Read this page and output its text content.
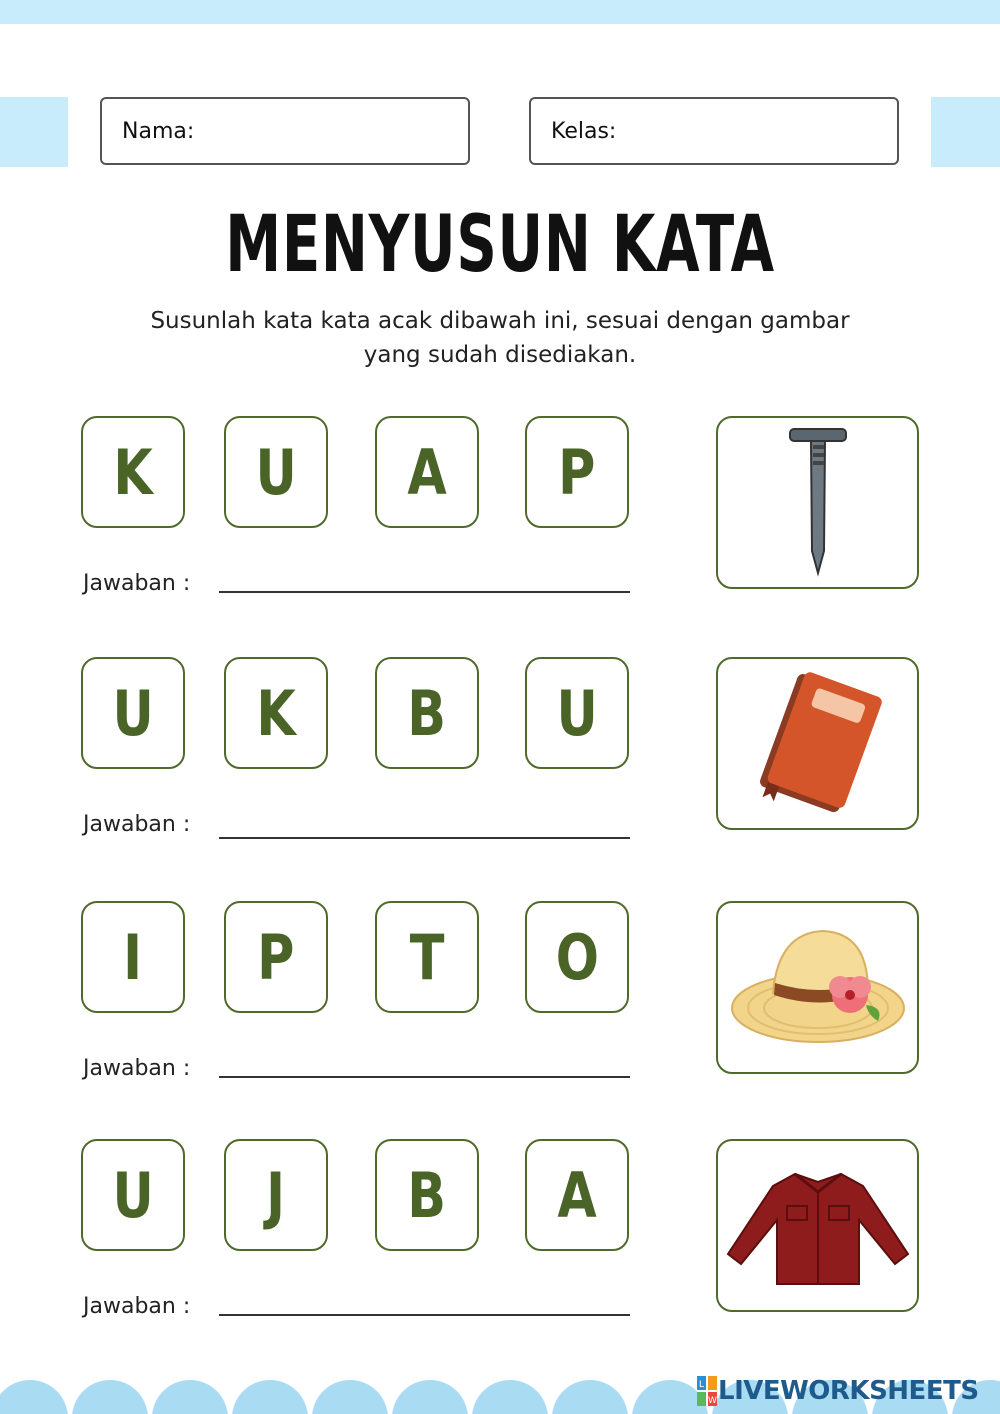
Nama:	Kelas:
MENYUSUN KATA
Susunlah kata kata acak dibawah ini, sesuai dengan gambar
yang sudah disediakan.
K U A P
Jawaban :
U K B U
Jawaban :
I P T O
Jawaban :
U J B A
Jawaban :
L
W LIVEWORKSHEETS
